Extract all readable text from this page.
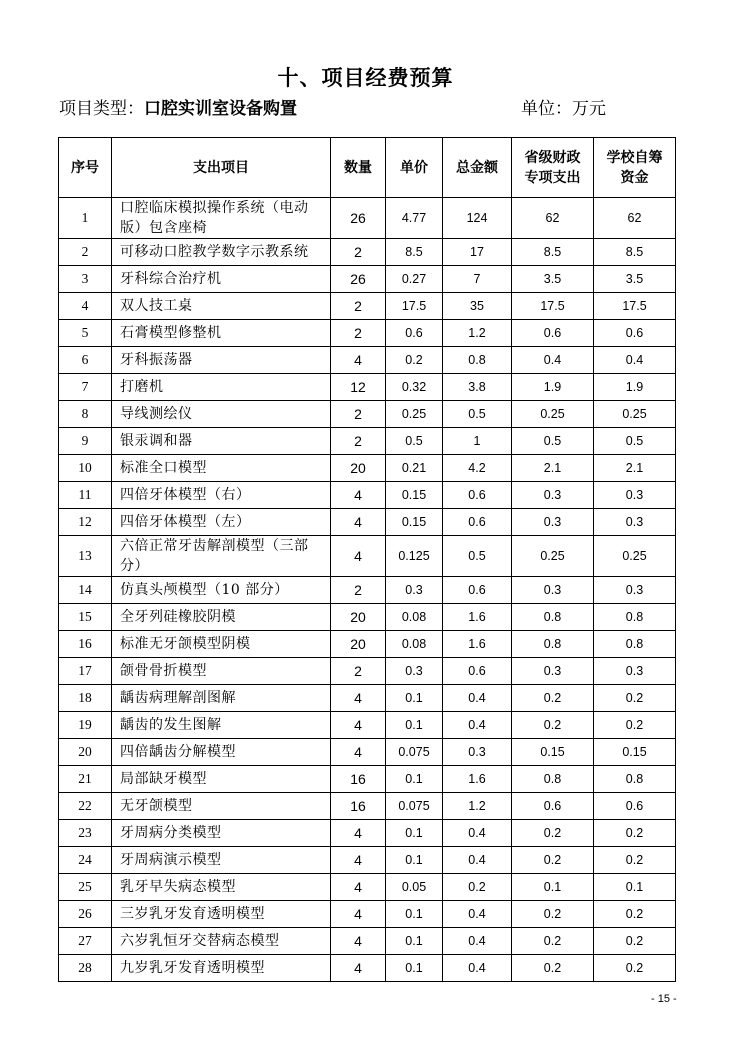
十、项目经费预算
项目类型：口腔实训室设备购置	单位：万元
序号	支出项目	数量	单价	总金额	省级财政专项支出	学校自筹资金
1	口腔临床模拟操作系统（电动版）包含座椅	26	4.77	124	62	62
2	可移动口腔教学数字示教系统	2	8.5	17	8.5	8.5
3	牙科综合治疗机	26	0.27	7	3.5	3.5
4	双人技工桌	2	17.5	35	17.5	17.5
5	石膏模型修整机	2	0.6	1.2	0.6	0.6
6	牙科振荡器	4	0.2	0.8	0.4	0.4
7	打磨机	12	0.32	3.8	1.9	1.9
8	导线测绘仪	2	0.25	0.5	0.25	0.25
9	银汞调和器	2	0.5	1	0.5	0.5
10	标准全口模型	20	0.21	4.2	2.1	2.1
11	四倍牙体模型（右）	4	0.15	0.6	0.3	0.3
12	四倍牙体模型（左）	4	0.15	0.6	0.3	0.3
13	六倍正常牙齿解剖模型（三部分）	4	0.125	0.5	0.25	0.25
14	仿真头颅模型（10 部分）	2	0.3	0.6	0.3	0.3
15	全牙列硅橡胶阴模	20	0.08	1.6	0.8	0.8
16	标准无牙颌模型阴模	20	0.08	1.6	0.8	0.8
17	颌骨骨折模型	2	0.3	0.6	0.3	0.3
18	龋齿病理解剖图解	4	0.1	0.4	0.2	0.2
19	龋齿的发生图解	4	0.1	0.4	0.2	0.2
20	四倍龋齿分解模型	4	0.075	0.3	0.15	0.15
21	局部缺牙模型	16	0.1	1.6	0.8	0.8
22	无牙颌模型	16	0.075	1.2	0.6	0.6
23	牙周病分类模型	4	0.1	0.4	0.2	0.2
24	牙周病演示模型	4	0.1	0.4	0.2	0.2
25	乳牙早失病态模型	4	0.05	0.2	0.1	0.1
26	三岁乳牙发育透明模型	4	0.1	0.4	0.2	0.2
27	六岁乳恒牙交替病态模型	4	0.1	0.4	0.2	0.2
28	九岁乳牙发育透明模型	4	0.1	0.4	0.2	0.2
- 15 -
